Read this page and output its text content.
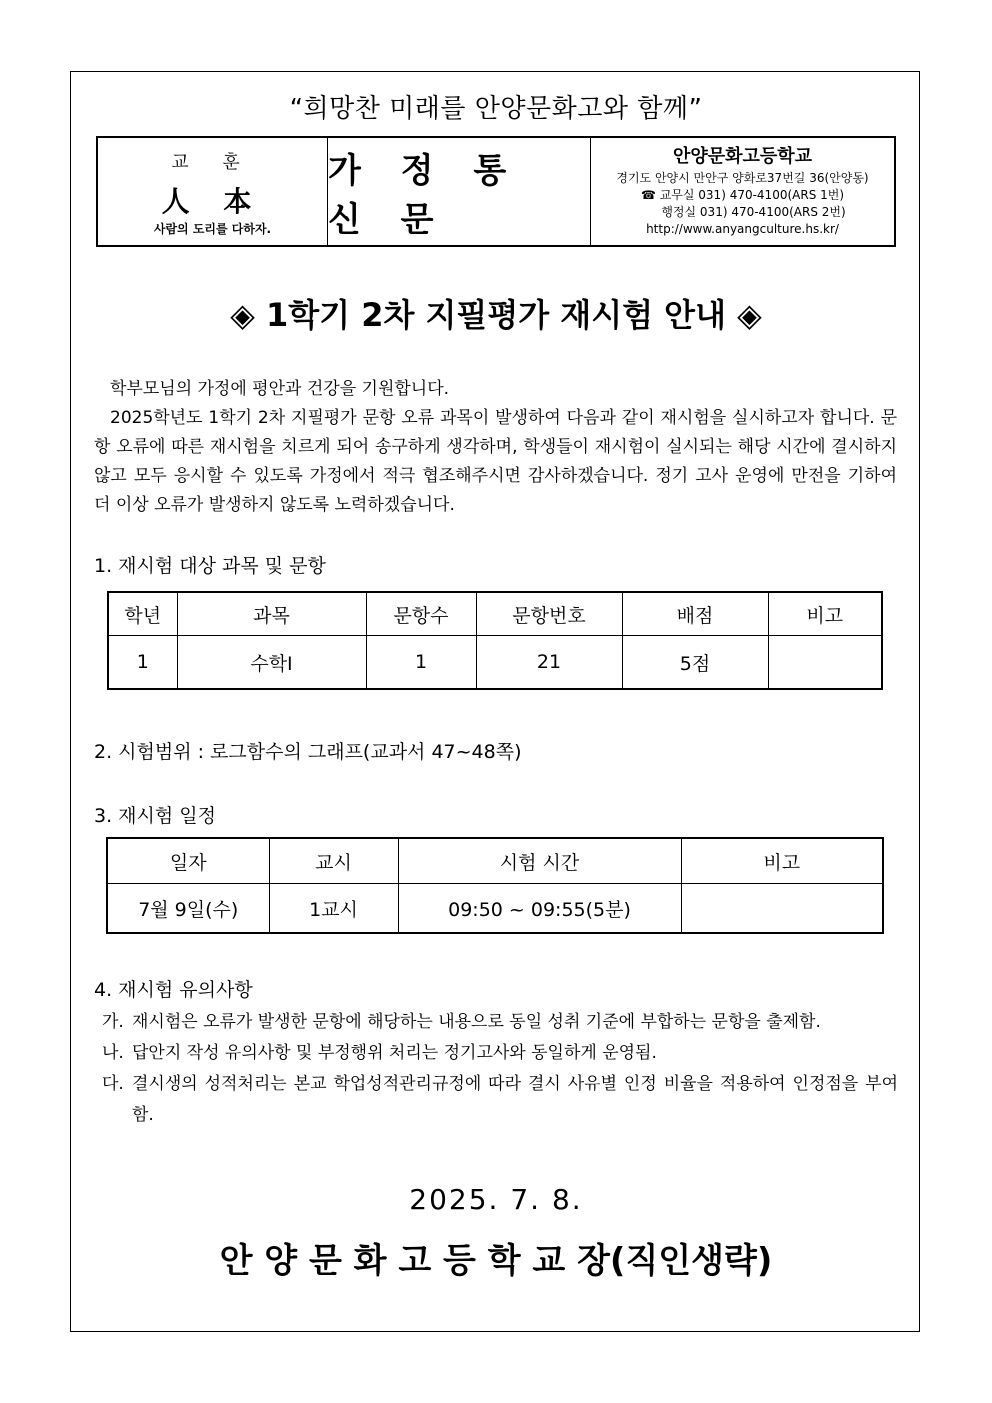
“희망찬 미래를 안양문화고와 함께”
교 훈
人 本
사람의 도리를 다하자.
가 정 통 신 문
안양문화고등학교
경기도 안양시 만안구 양화로37번길 36(안양동)
☎ 교무실 031) 470-4100(ARS 1번)
행정실 031) 470-4100(ARS 2번)
http://www.anyangculture.hs.kr/
◈ 1학기 2차 지필평가 재시험 안내 ◈
학부모님의 가정에 평안과 건강을 기원합니다.
2025학년도 1학기 2차 지필평가 문항 오류 과목이 발생하여 다음과 같이 재시험을 실시하고자 합니다. 문항 오류에 따른 재시험을 치르게 되어 송구하게 생각하며, 학생들이 재시험이 실시되는 해당 시간에 결시하지 않고 모두 응시할 수 있도록 가정에서 적극 협조해주시면 감사하겠습니다. 정기 고사 운영에 만전을 기하여 더 이상 오류가 발생하지 않도록 노력하겠습니다.
1. 재시험 대상 과목 및 문항
학년	과목	문항수	문항번호	배점	비고
1	수학Ⅰ	1	21	5점	
2. 시험범위 : 로그함수의 그래프(교과서 47~48쪽)
3. 재시험 일정
일자	교시	시험 시간	비고
7월 9일(수)	1교시	09:50 ~ 09:55(5분)	
4. 재시험 유의사항
가. 재시험은 오류가 발생한 문항에 해당하는 내용으로 동일 성취 기준에 부합하는 문항을 출제함.
나. 답안지 작성 유의사항 및 부정행위 처리는 정기고사와 동일하게 운영됨.
다. 결시생의 성적처리는 본교 학업성적관리규정에 따라 결시 사유별 인정 비율을 적용하여 인정점을 부여함.
2025. 7. 8.
안 양 문 화 고 등 학 교 장(직인생략)
